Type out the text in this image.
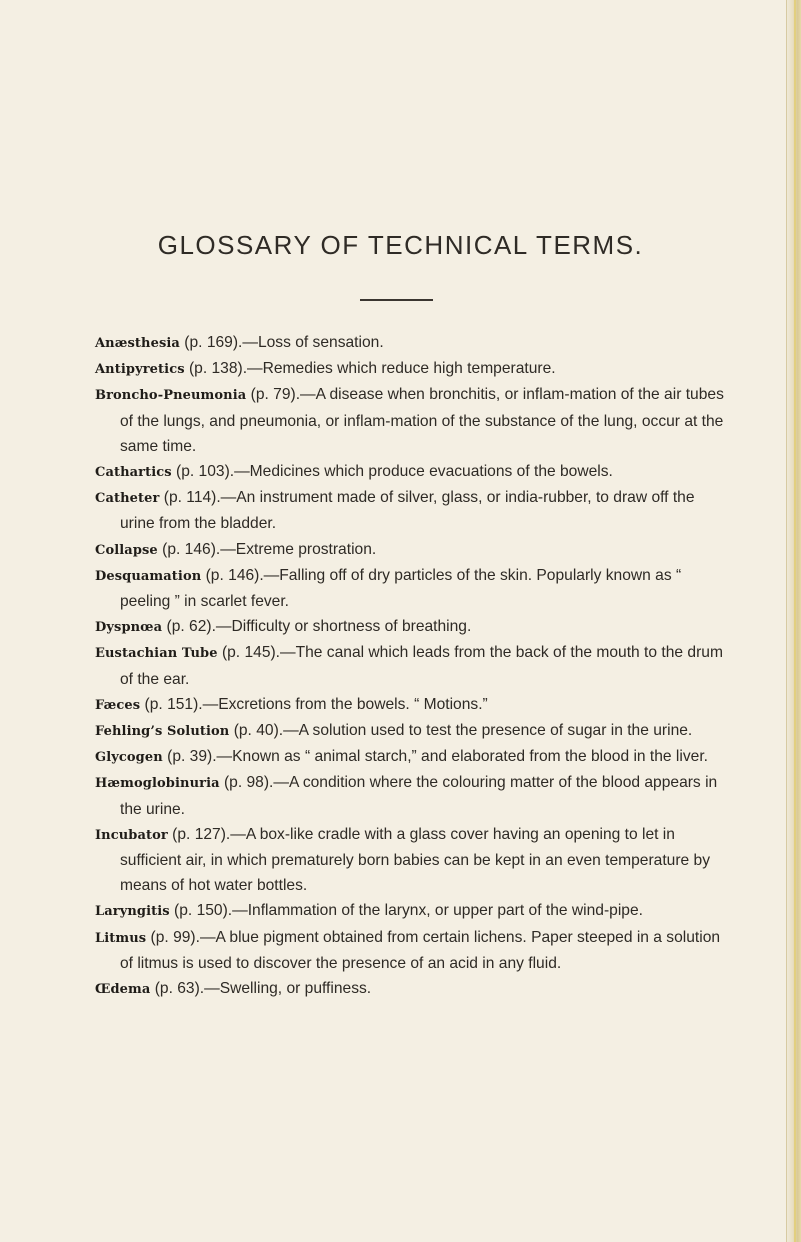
GLOSSARY OF TECHNICAL TERMS.
Anæsthesia (p. 169).—Loss of sensation.
Antipyretics (p. 138).—Remedies which reduce high temperature.
Broncho-Pneumonia (p. 79).—A disease when bronchitis, or inflam-mation of the air tubes of the lungs, and pneumonia, or inflam-mation of the substance of the lung, occur at the same time.
Cathartics (p. 103).—Medicines which produce evacuations of the bowels.
Catheter (p. 114).—An instrument made of silver, glass, or india-rubber, to draw off the urine from the bladder.
Collapse (p. 146).—Extreme prostration.
Desquamation (p. 146).—Falling off of dry particles of the skin. Popularly known as “ peeling ” in scarlet fever.
Dyspnœa (p. 62).—Difficulty or shortness of breathing.
Eustachian Tube (p. 145).—The canal which leads from the back of the mouth to the drum of the ear.
Fæces (p. 151).—Excretions from the bowels. “ Motions.”
Fehling’s Solution (p. 40).—A solution used to test the presence of sugar in the urine.
Glycogen (p. 39).—Known as “ animal starch,” and elaborated from the blood in the liver.
Hæmoglobinuria (p. 98).—A condition where the colouring matter of the blood appears in the urine.
Incubator (p. 127).—A box-like cradle with a glass cover having an opening to let in sufficient air, in which prematurely born babies can be kept in an even temperature by means of hot water bottles.
Laryngitis (p. 150).—Inflammation of the larynx, or upper part of the wind-pipe.
Litmus (p. 99).—A blue pigment obtained from certain lichens. Paper steeped in a solution of litmus is used to discover the presence of an acid in any fluid.
Œdema (p. 63).—Swelling, or puffiness.
